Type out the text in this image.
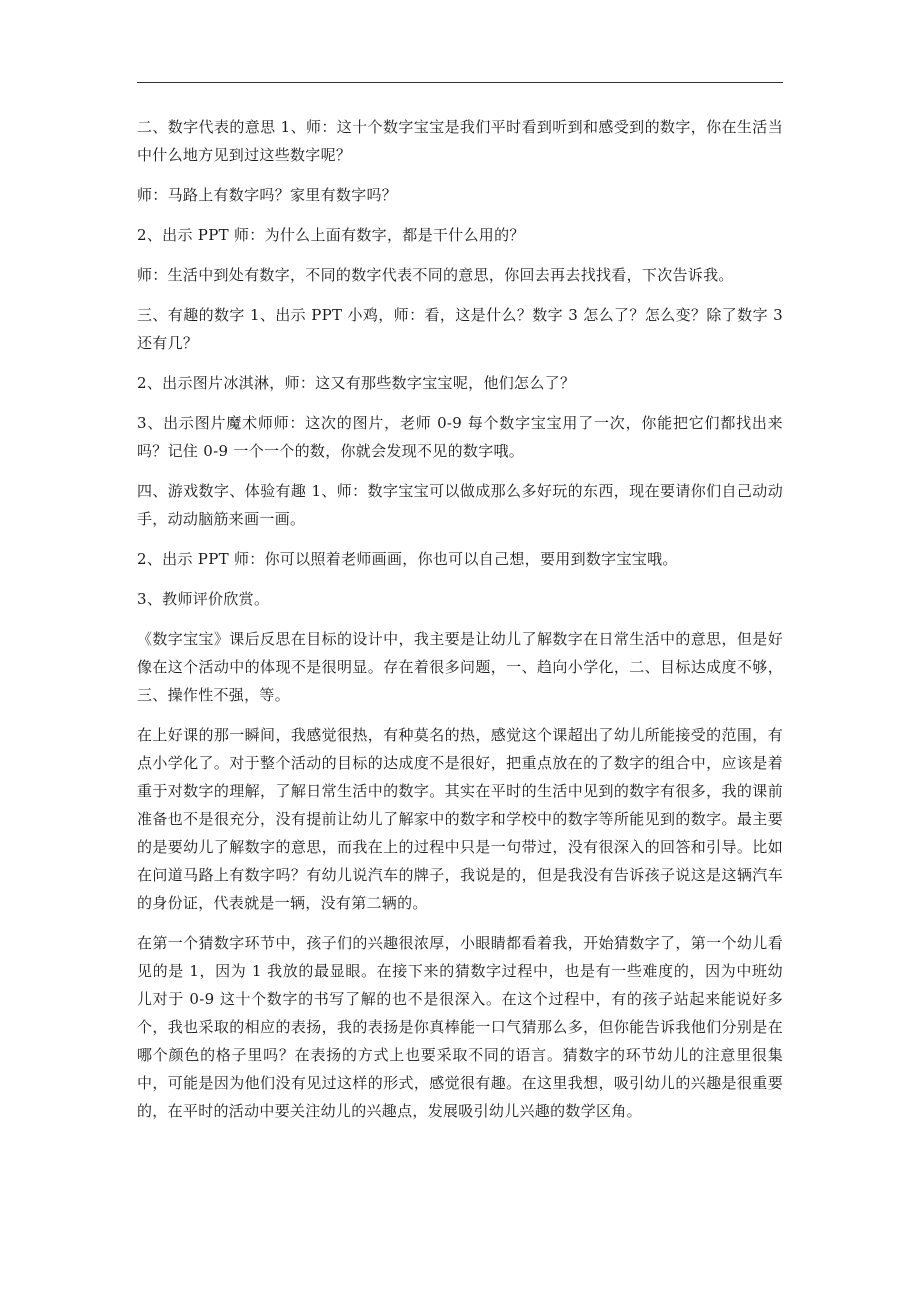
二、数字代表的意思 1、师：这十个数字宝宝是我们平时看到听到和感受到的数字，你在生活当中什么地方见到过这些数字呢？

师：马路上有数字吗？家里有数字吗？

2、出示 PPT 师：为什么上面有数字，都是干什么用的？

师：生活中到处有数字，不同的数字代表不同的意思，你回去再去找找看，下次告诉我。

三、有趣的数字 1、出示 PPT 小鸡，师：看，这是什么？数字 3 怎么了？怎么变？除了数字 3 还有几？

2、出示图片冰淇淋，师：这又有那些数字宝宝呢，他们怎么了？

3、出示图片魔术师师：这次的图片，老师 0-9 每个数字宝宝用了一次，你能把它们都找出来吗？记住 0-9 一个一个的数，你就会发现不见的数字哦。

四、游戏数字、体验有趣 1、师：数字宝宝可以做成那么多好玩的东西，现在要请你们自己动动手，动动脑筋来画一画。

2、出示 PPT 师：你可以照着老师画画，你也可以自己想，要用到数字宝宝哦。

3、教师评价欣赏。

《数字宝宝》课后反思在目标的设计中，我主要是让幼儿了解数字在日常生活中的意思，但是好像在这个活动中的体现不是很明显。存在着很多问题，一、趋向小学化，二、目标达成度不够，三、操作性不强，等。

在上好课的那一瞬间，我感觉很热，有种莫名的热，感觉这个课超出了幼儿所能接受的范围，有点小学化了。对于整个活动的目标的达成度不是很好，把重点放在的了数字的组合中，应该是着重于对数字的理解，了解日常生活中的数字。其实在平时的生活中见到的数字有很多，我的课前准备也不是很充分，没有提前让幼儿了解家中的数字和学校中的数字等所能见到的数字。最主要的是要幼儿了解数字的意思，而我在上的过程中只是一句带过，没有很深入的回答和引导。比如在问道马路上有数字吗？有幼儿说汽车的牌子，我说是的，但是我没有告诉孩子说这是这辆汽车的身份证，代表就是一辆，没有第二辆的。

在第一个猜数字环节中，孩子们的兴趣很浓厚，小眼睛都看着我，开始猜数字了，第一个幼儿看见的是 1，因为 1 我放的最显眼。在接下来的猜数字过程中，也是有一些难度的，因为中班幼儿对于 0-9 这十个数字的书写了解的也不是很深入。在这个过程中，有的孩子站起来能说好多个，我也采取的相应的表扬，我的表扬是你真棒能一口气猜那么多，但你能告诉我他们分别是在哪个颜色的格子里吗？在表扬的方式上也要采取不同的语言。猜数字的环节幼儿的注意里很集中，可能是因为他们没有见过这样的形式，感觉很有趣。在这里我想，吸引幼儿的兴趣是很重要的，在平时的活动中要关注幼儿的兴趣点，发展吸引幼儿兴趣的数学区角。
